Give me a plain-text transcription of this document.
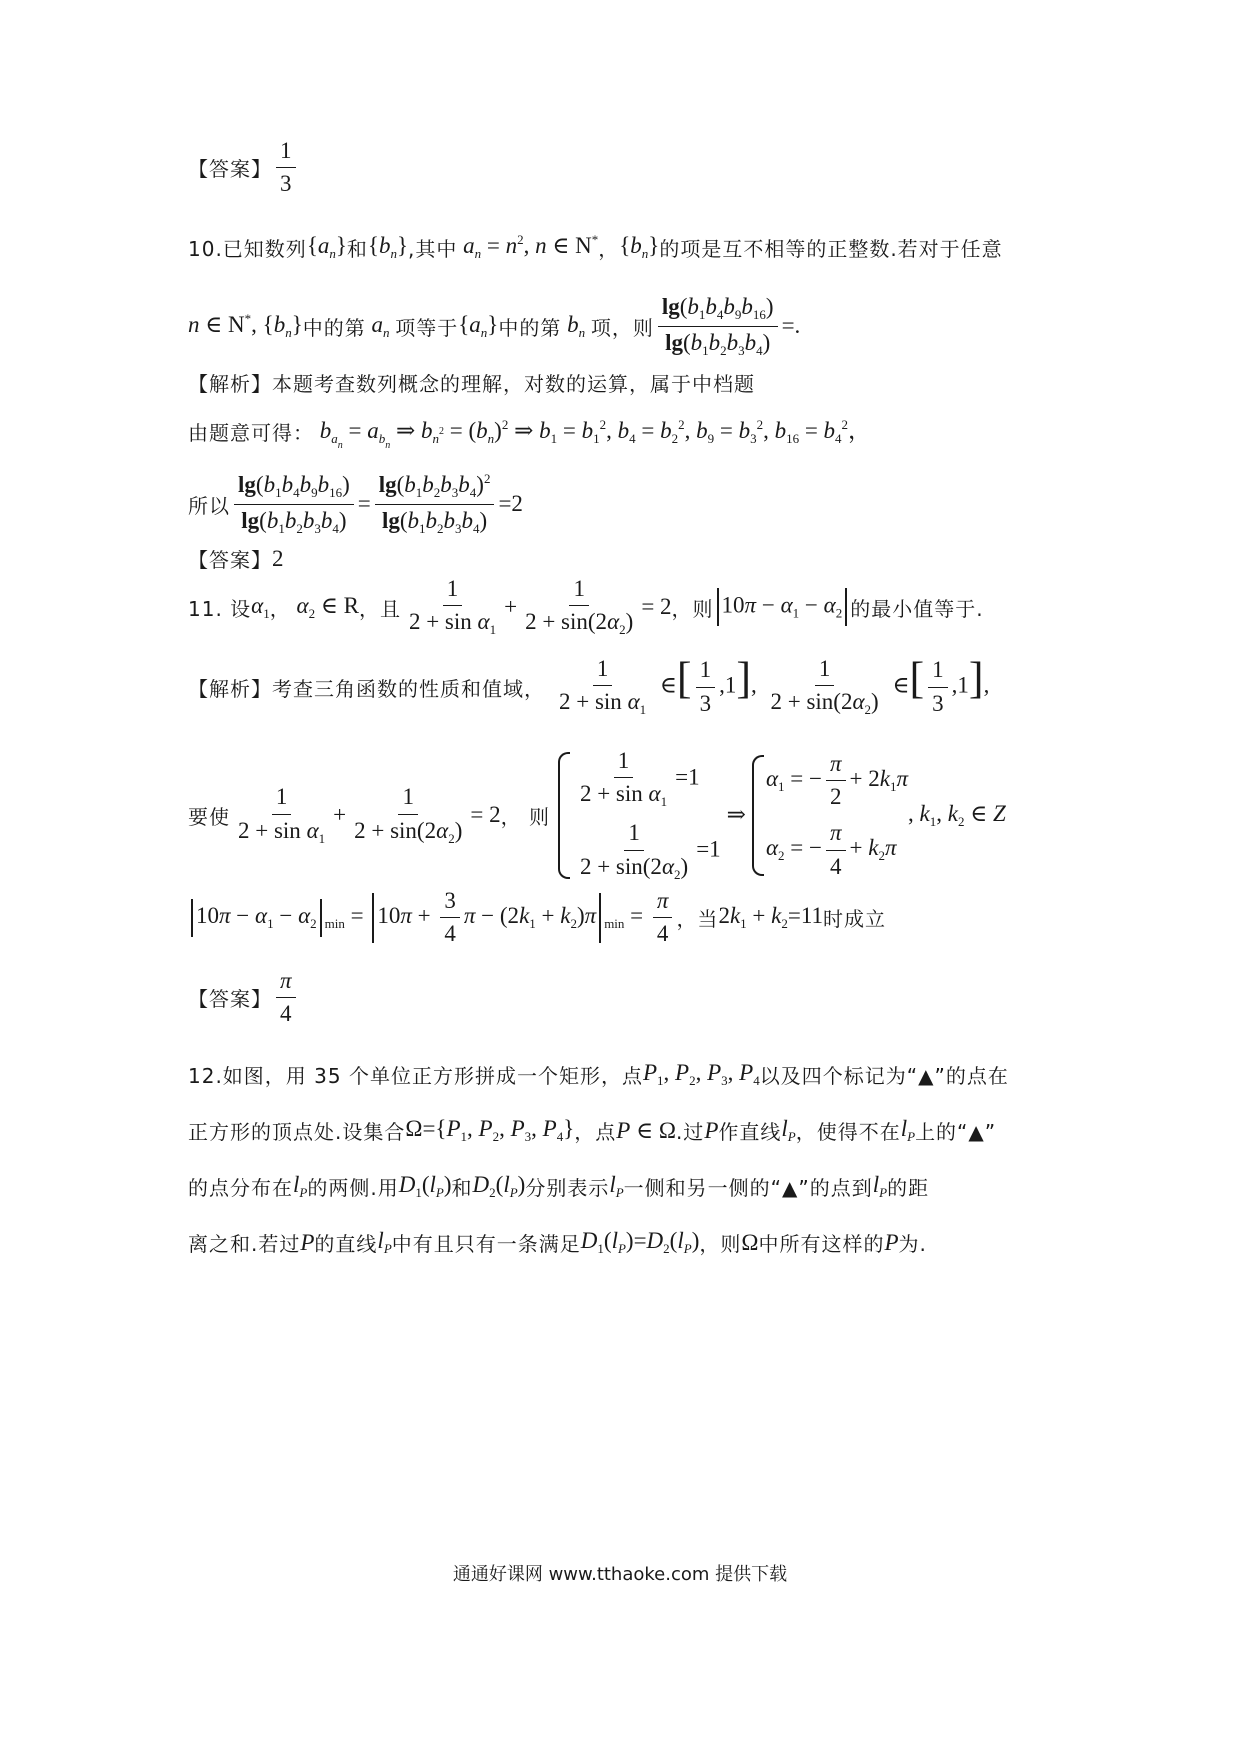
【答案】 $\frac{1}{3}$
10.已知数列 $\{a_n\}$ 和 $\{b_n\}$ ,其中 $a_n = n^2$, n ∈ N* ， $\{b_n\}$ 的项是互不相等的正整数.若对于任意
n ∈ N*, $\{b_n\}$ 中的第 $a_n$ 项等于 $\{a_n\}$ 中的第 $b_n$ 项，则 $\frac{\lg(b_1b_4b_9b_{16})}{\lg(b_1b_2b_3b_4)}$ =.
【解析】 本题考查数列概念的理解，对数的运算，属于中档题
由题意可得： $b_{a_n} = a_{b_n}$ ⇒ $b_{n^2} = (b_n)^2$ ⇒ $b_1 = b_1^2$, $b_4 = b_2^2$, $b_9 = b_3^2$, $b_{16} = b_4^2$，
所以 $\frac{\lg(b_1b_4b_9b_{16})}{\lg(b_1b_2b_3b_4)} = \frac{\lg(b_1b_2b_3b_4)^2}{\lg(b_1b_2b_3b_4)} =2$
【答案】 2
11. 设 $\alpha_1$ ， $\alpha_2$ ∈ R ，且 $\frac{1}{2 + \sin \alpha_1} + \frac{1}{2 + \sin(2\alpha_2)} = 2$ ，则 $10\pi - \alpha_1 - \alpha_2$ 的最小值等于.
【解析】 考查三角函数的性质和值域， $\frac{1}{2 + \sin \alpha_1}$ ∈[ $\frac{1}{3} ,1$], $\frac{1}{2 + \sin(2\alpha_2)}$ ∈[ $\frac{1}{3} ,1$],
要使 $\frac{1}{2 + \sin \alpha_1} + \frac{1}{2 + \sin(2\alpha_2)} = 2$ ， 则
$\frac{1}{2 + \sin \alpha_1} =1$
$\frac{1}{2 + \sin(2\alpha_2)} =1$
⇒
$\alpha_1$ = − $\frac{\pi}{2} + 2k_1\pi$
$\alpha_2$ = − $\frac{\pi}{4} + k_2\pi$
, $k_1$, $k_2$ ∈ Z
$10\pi - \alpha_1 - \alpha_2$ $_{min} = 10\pi + \frac{3}{4}$ $\pi - (2k_1 + k_2)\pi$ $_{min} = \frac{\pi}{4}$ ，当 $2k_1 + k_2=11$ 时成立
【答案】 $\frac{\pi}{4}$
12.如图，用 35 个单位正方形拼成一个矩形，点 $P_1$, $P_2$, $P_3$, $P_4$ 以及四个标记为“▲”的点在
正方形的顶点处.设集合 $\Omega=\{P_1$, $P_2$, $P_3$, $P_4$} ，点 P ∈ Ω .过 P 作直线 $l_P$ ，使得不在 $l_P$ 上的“▲”
的点分布在 $l_P$ 的两侧.用 $D_1(l_P)$ 和 $D_2(l_P)$ 分别表示 $l_P$ 一侧和另一侧的“▲”的点到 $l_P$ 的距
离之和.若过 P 的直线 $l_P$ 中有且只有一条满足 $D_1(l_P)=D_2(l_P)$ ，则 Ω 中所有这样的 P 为.
通通好课网 www.tthaoke.com 提供下载
